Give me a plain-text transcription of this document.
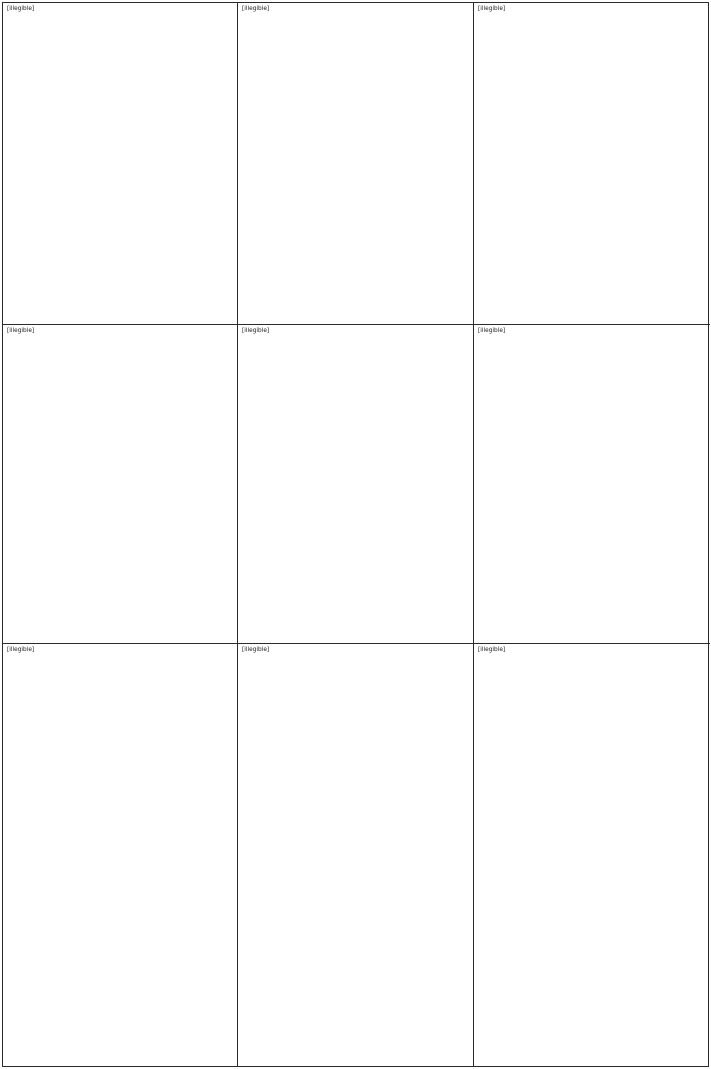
[illegible]	[illegible]	[illegible]

[illegible]	[illegible]	[illegible]

[illegible]	[illegible]	[illegible]
